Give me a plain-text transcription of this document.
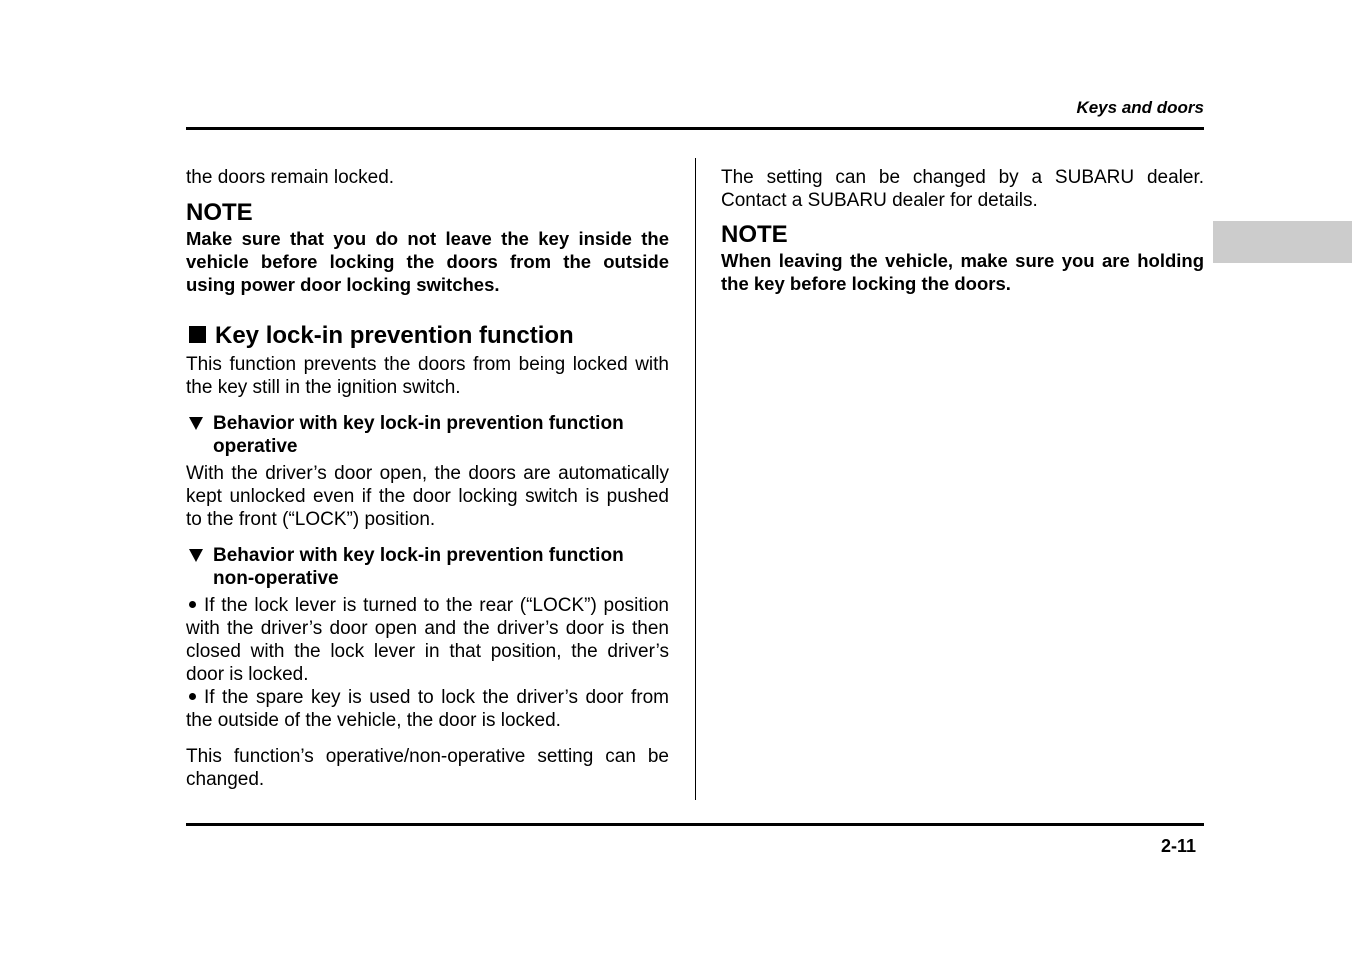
Keys and doors

the doors remain locked.

NOTE

Make sure that you do not leave the key inside the vehicle before locking the doors from the outside using power door locking switches.

Key lock-in prevention function

This function prevents the doors from being locked with the key still in the ignition switch.

Behavior with key lock-in prevention function operative

With the driver’s door open, the doors are automatically kept unlocked even if the door locking switch is pushed to the front (“LOCK”) position.

Behavior with key lock-in prevention function non-operative

If the lock lever is turned to the rear (“LOCK”) position with the driver’s door open and the driver’s door is then closed with the lock lever in that position, the driver’s door is locked.

If the spare key is used to lock the driver’s door from the outside of the vehicle, the door is locked.

This function’s operative/non-operative setting can be changed.

The setting can be changed by a SUBARU dealer. Contact a SUBARU dealer for details.

NOTE

When leaving the vehicle, make sure you are holding the key before locking the doors.

2-11
